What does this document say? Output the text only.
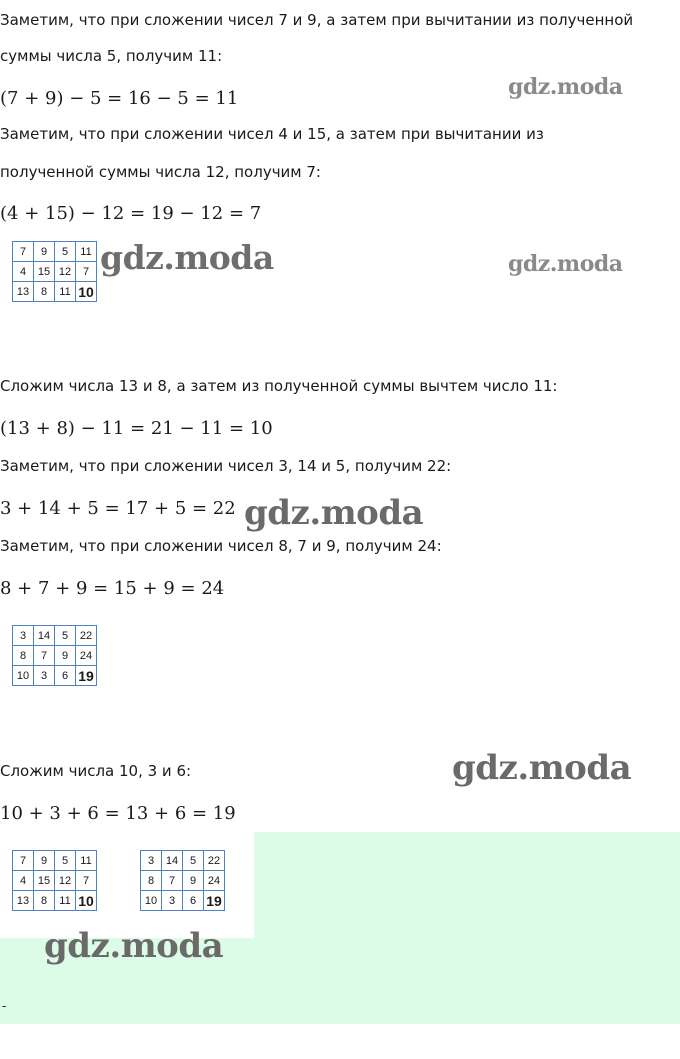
Заметим, что при сложении чисел 7 и 9, а затем при вычитании из полученной
суммы числа 5, получим 11:
(7 + 9) − 5 = 16 − 5 = 11	gdz.moda
Заметим, что при сложении чисел 4 и 15, а затем при вычитании из
полученной суммы числа 12, получим 7:
(4 + 15) − 12 = 19 − 12 = 7
7	9	5	11
4	15	12	7
13	8	11	10
gdz.moda	gdz.moda
Сложим числа 13 и 8, а затем из полученной суммы вычтем число 11:
(13 + 8) − 11 = 21 − 11 = 10
Заметим, что при сложении чисел 3, 14 и 5, получим 22:
3 + 14 + 5 = 17 + 5 = 22 gdz.moda
Заметим, что при сложении чисел 8, 7 и 9, получим 24:
8 + 7 + 9 = 15 + 9 = 24
3	14	5	22
8	7	9	24
10	3	6	19
Сложим числа 10, 3 и 6:	gdz.moda
10 + 3 + 6 = 13 + 6 = 19
7	9	5	11
4	15	12	7
13	8	11	10
3	14	5	22
8	7	9	24
10	3	6	19
gdz.moda
-
